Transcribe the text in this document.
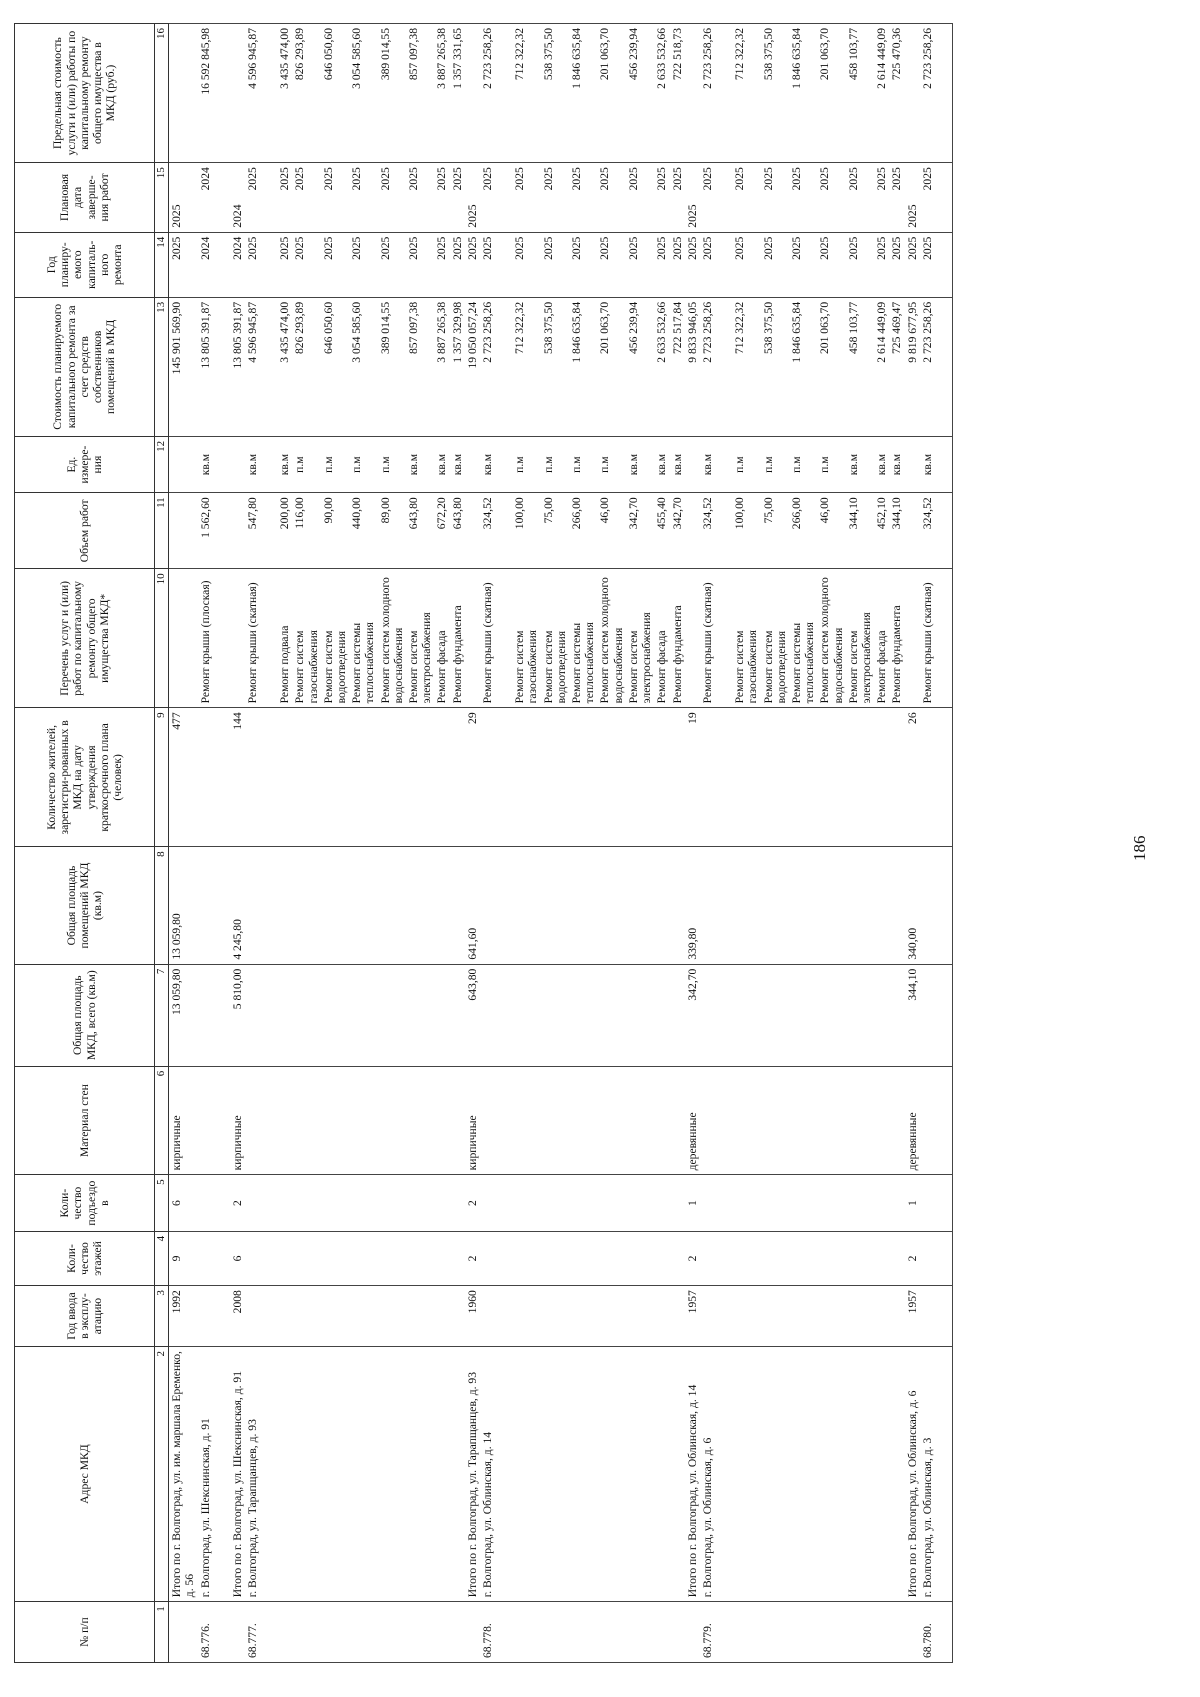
186
№ п/п	Адрес МКД	Год ввода в эксплу-атацию	Коли-чество этажей	Коли-чество подъездо в	Материал стен	Общая площадь МКД, всего (кв.м)	Общая площадь помещений МКД (кв.м)	Количество жителей, зарегистри-рованных в МКД на дату утверждения краткосрочного плана (человек)	Перечень услуг и (или) работ по капитальному ремонту общего имущества МКД*	Объем работ	Ед. измере-ния	Стоимость планируемого капитального ремонта за счет средств собственников помещений в МКД	Год планиру-емого капиталь-ного ремонта	Плановая дата заверше-ния работ	Предельная стоимость услуги и (или) работы по капитальному ремонту общего имущества в МКД (руб.)
1	2	3	4	5	6	7	8	9	10	11	12	13	14	15	16
	Итого по г. Волгоград, ул. им. маршала Еременко, д. 56	1992	9	6	кирпичные	13 059,80	13 059,80	477				145 901 569,90	2025	2025	
68.776.	г. Волгоград, ул. Шекснинская, д. 91								Ремонт крыши (плоская)	1 562,60	кв.м	13 805 391,87	2024	2024	16 592 845,98

	Итого по г. Волгоград, ул. Шекснинская, д. 91	2008	6	2	кирпичные	5 810,00	4 245,80	144				13 805 391,87	2024	2024	
68.777.	г. Волгоград, ул. Тарапщанцев, д. 93								Ремонт крыши (скатная)	547,80	кв.м	4 596 945,87	2025	2025	4 596 945,87

									Ремонт подвала	200,00	кв.м	3 435 474,00	2025	2025	3 435 474,00
									Ремонт систем газоснабжения	116,00	п.м	826 293,89	2025	2025	826 293,89
									Ремонт систем водоотведения	90,00	п.м	646 050,60	2025	2025	646 050,60
									Ремонт системы теплоснабжения	440,00	п.м	3 054 585,60	2025	2025	3 054 585,60
									Ремонт систем холодного водоснабжения	89,00	п.м	389 014,55	2025	2025	389 014,55
									Ремонт систем электроснабжения	643,80	кв.м	857 097,38	2025	2025	857 097,38
									Ремонт фасада	672,20	кв.м	3 887 265,38	2025	2025	3 887 265,38
									Ремонт фундамента	643,80	кв.м	1 357 329,98	2025	2025	1 357 331,65
	Итого по г. Волгоград, ул. Тарапщанцев, д. 93	1960	2	2	кирпичные	643,80	641,60	29				19 050 057,24	2025	2025	
68.778.	г. Волгоград, ул. Облинская, д. 14								Ремонт крыши (скатная)	324,52	кв.м	2 723 258,26	2025	2025	2 723 258,26

									Ремонт систем газоснабжения	100,00	п.м	712 322,32	2025	2025	712 322,32
									Ремонт систем водоотведения	75,00	п.м	538 375,50	2025	2025	538 375,50
									Ремонт системы теплоснабжения	266,00	п.м	1 846 635,84	2025	2025	1 846 635,84
									Ремонт систем холодного водоснабжения	46,00	п.м	201 063,70	2025	2025	201 063,70
									Ремонт систем электроснабжения	342,70	кв.м	456 239,94	2025	2025	456 239,94
									Ремонт фасада	455,40	кв.м	2 633 532,66	2025	2025	2 633 532,66
									Ремонт фундамента	342,70	кв.м	722 517,84	2025	2025	722 518,73
	Итого по г. Волгоград, ул. Облинская, д. 14	1957	2	1	деревянные	342,70	339,80	19				9 833 946,05	2025	2025	
68.779.	г. Волгоград, ул. Облинская, д. 6								Ремонт крыши (скатная)	324,52	кв.м	2 723 258,26	2025	2025	2 723 258,26

									Ремонт систем газоснабжения	100,00	п.м	712 322,32	2025	2025	712 322,32
									Ремонт систем водоотведения	75,00	п.м	538 375,50	2025	2025	538 375,50
									Ремонт системы теплоснабжения	266,00	п.м	1 846 635,84	2025	2025	1 846 635,84
									Ремонт систем холодного водоснабжения	46,00	п.м	201 063,70	2025	2025	201 063,70
									Ремонт систем электроснабжения	344,10	кв.м	458 103,77	2025	2025	458 103,77
									Ремонт фасада	452,10	кв.м	2 614 449,09	2025	2025	2 614 449,09
									Ремонт фундамента	344,10	кв.м	725 469,47	2025	2025	725 470,36
	Итого по г. Волгоград, ул. Облинская, д. 6	1957	2	1	деревянные	344,10	340,00	26				9 819 677,95	2025	2025	
68.780.	г. Волгоград, ул. Облинская, д. 3								Ремонт крыши (скатная)	324,52	кв.м	2 723 258,26	2025	2025	2 723 258,26
